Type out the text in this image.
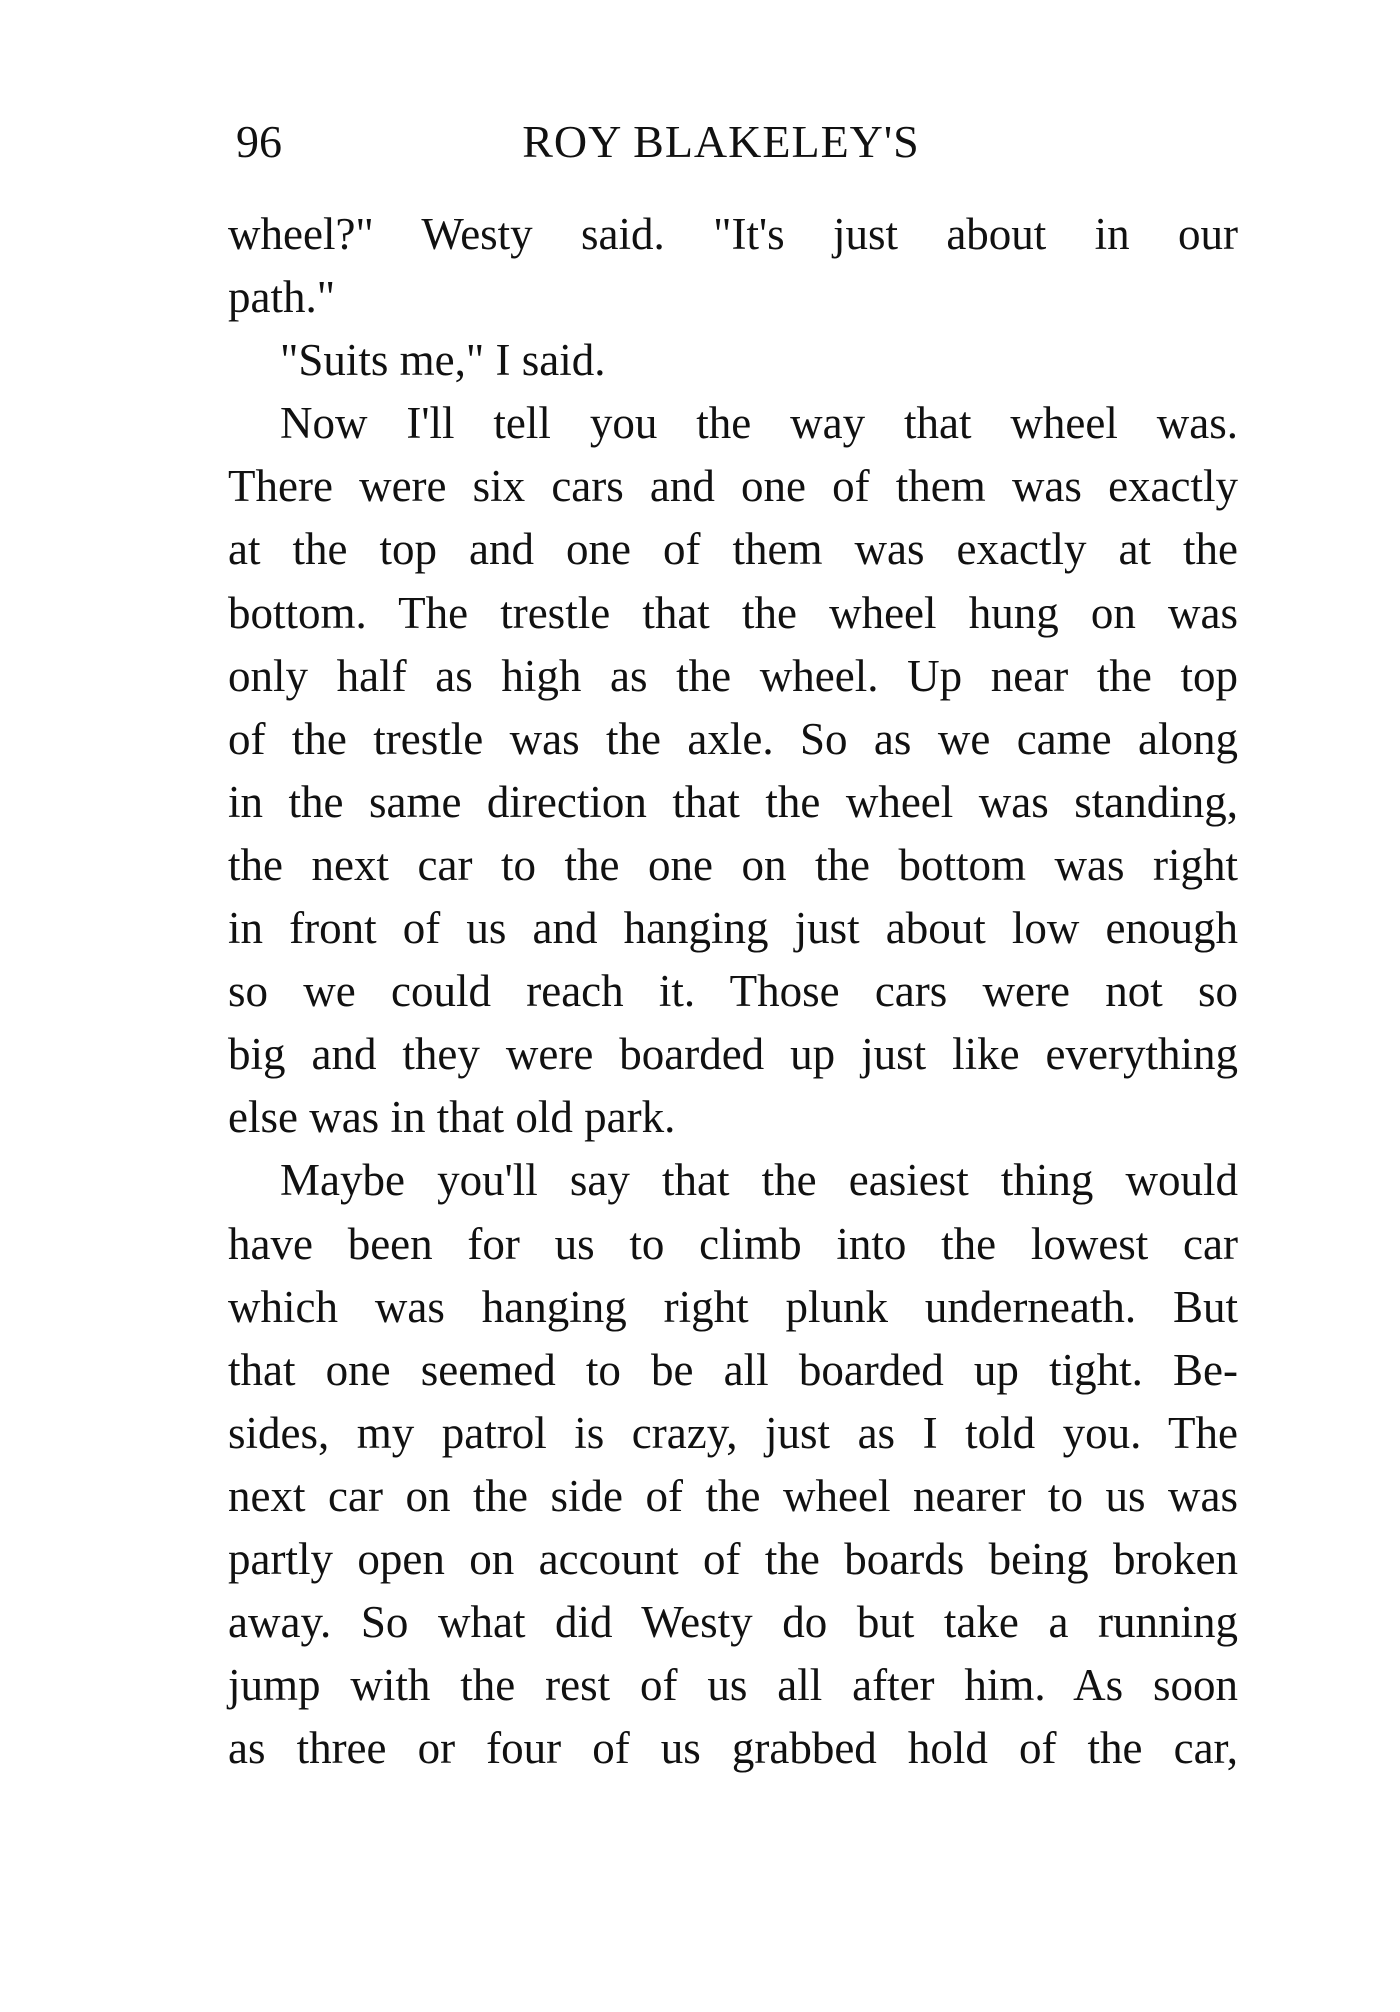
96	ROY BLAKELEY'S
wheel?" Westy said. "It's just about in our
path."
"Suits me," I said.
Now I'll tell you the way that wheel was.
There were six cars and one of them was exactly
at the top and one of them was exactly at the
bottom. The trestle that the wheel hung on was
only half as high as the wheel. Up near the top
of the trestle was the axle. So as we came along
in the same direction that the wheel was standing,
the next car to the one on the bottom was right
in front of us and hanging just about low enough
so we could reach it. Those cars were not so
big and they were boarded up just like everything
else was in that old park.
Maybe you'll say that the easiest thing would
have been for us to climb into the lowest car
which was hanging right plunk underneath. But
that one seemed to be all boarded up tight. Be-
sides, my patrol is crazy, just as I told you. The
next car on the side of the wheel nearer to us was
partly open on account of the boards being broken
away. So what did Westy do but take a running
jump with the rest of us all after him. As soon
as three or four of us grabbed hold of the car,
